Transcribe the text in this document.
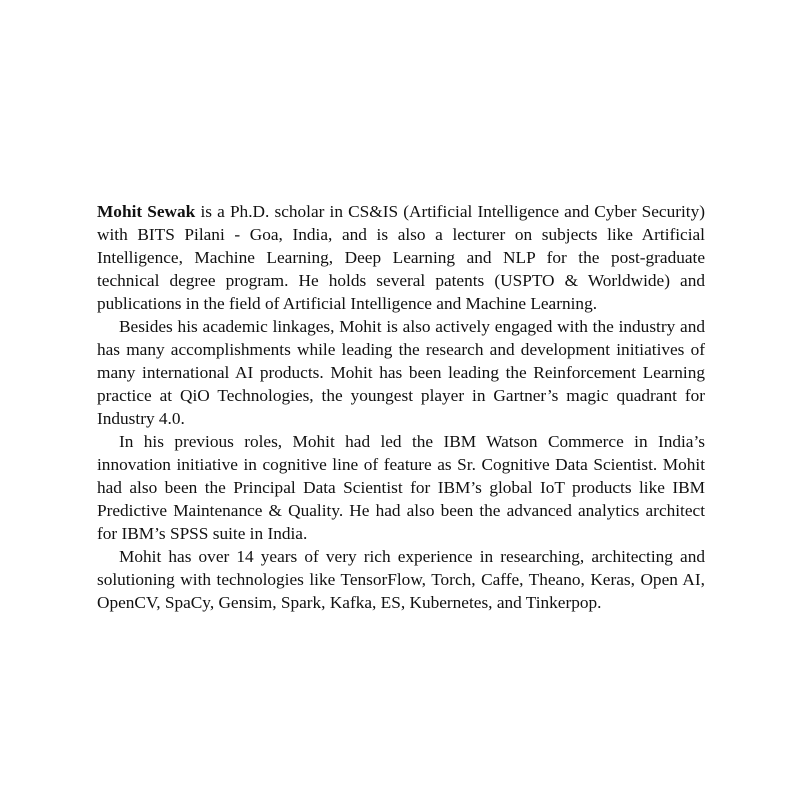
Mohit Sewak is a Ph.D. scholar in CS&IS (Artificial Intelligence and Cyber Security) with BITS Pilani - Goa, India, and is also a lecturer on subjects like Artificial Intelligence, Machine Learning, Deep Learning and NLP for the post-graduate technical degree program. He holds several patents (USPTO & Worldwide) and publications in the field of Artificial Intelligence and Machine Learning.

Besides his academic linkages, Mohit is also actively engaged with the industry and has many accomplishments while leading the research and development initiatives of many international AI products. Mohit has been leading the Reinforcement Learning practice at QiO Technologies, the youngest player in Gartner’s magic quadrant for Industry 4.0.

In his previous roles, Mohit had led the IBM Watson Commerce in India’s innovation initiative in cognitive line of feature as Sr. Cognitive Data Scientist. Mohit had also been the Principal Data Scientist for IBM’s global IoT products like IBM Predictive Maintenance & Quality. He had also been the advanced analytics architect for IBM’s SPSS suite in India.

Mohit has over 14 years of very rich experience in researching, architecting and solutioning with technologies like TensorFlow, Torch, Caffe, Theano, Keras, Open AI, OpenCV, SpaCy, Gensim, Spark, Kafka, ES, Kubernetes, and Tinkerpop.
